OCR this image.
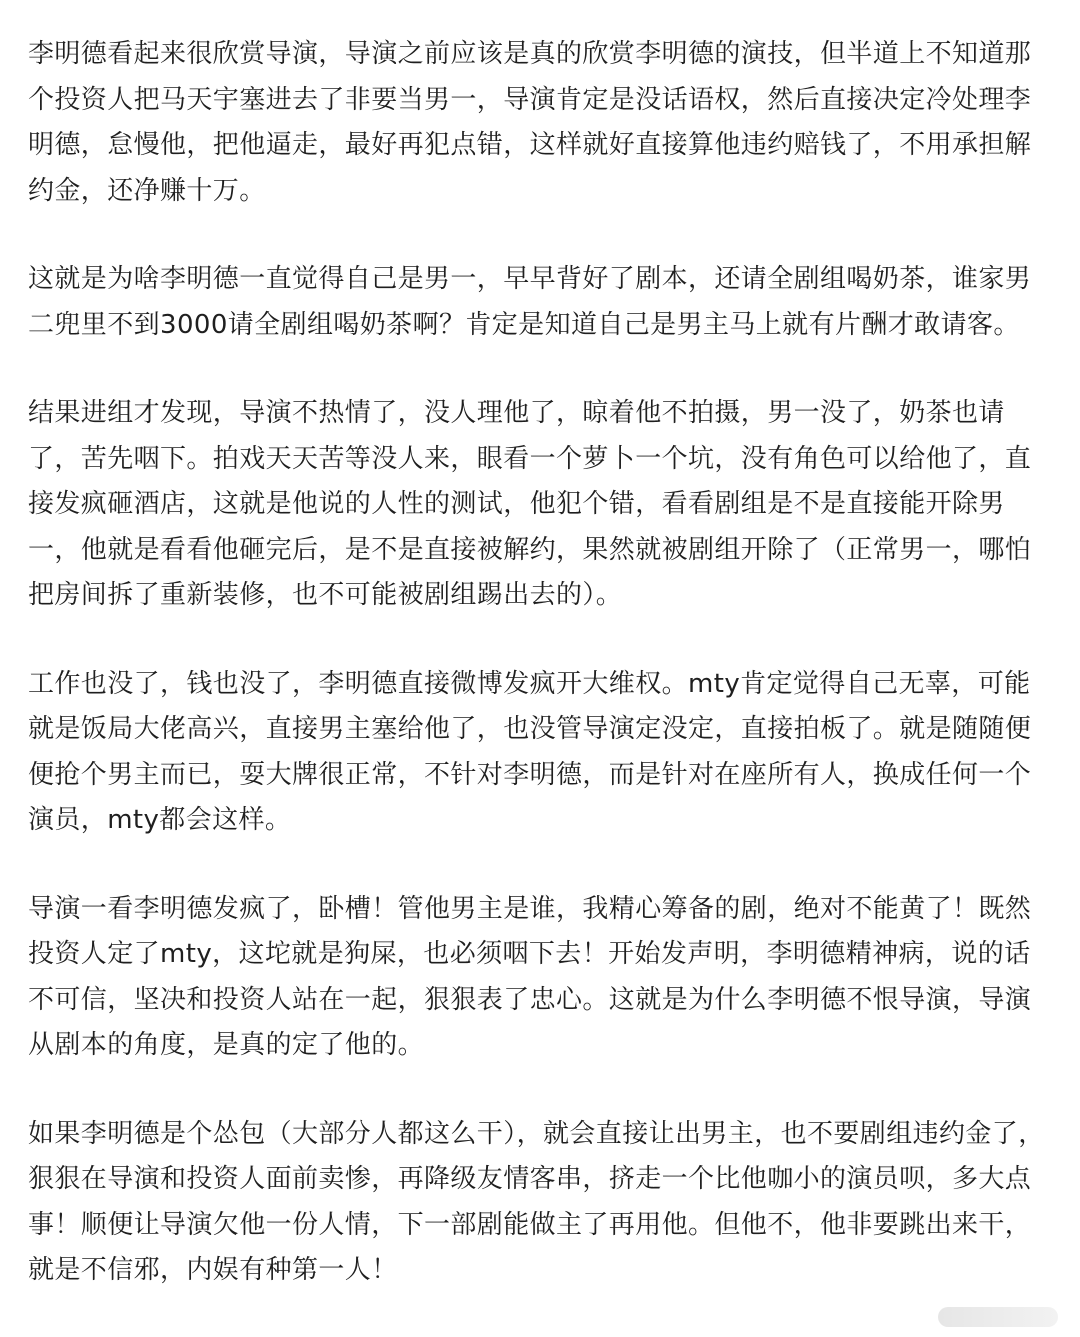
李明德看起来很欣赏导演，导演之前应该是真的欣赏李明德的演技，但半道上不知道那个投资人把马天宇塞进去了非要当男一，导演肯定是没话语权，然后直接决定冷处理李明德，怠慢他，把他逼走，最好再犯点错，这样就好直接算他违约赔钱了，不用承担解约金，还净赚十万。

这就是为啥李明德一直觉得自己是男一，早早背好了剧本，还请全剧组喝奶茶，谁家男二兜里不到3000请全剧组喝奶茶啊？肯定是知道自己是男主马上就有片酬才敢请客。

结果进组才发现，导演不热情了，没人理他了，晾着他不拍摄，男一没了，奶茶也请了，苦先咽下。拍戏天天苦等没人来，眼看一个萝卜一个坑，没有角色可以给他了，直接发疯砸酒店，这就是他说的人性的测试，他犯个错，看看剧组是不是直接能开除男一，他就是看看他砸完后，是不是直接被解约，果然就被剧组开除了（正常男一，哪怕把房间拆了重新装修，也不可能被剧组踢出去的）。

工作也没了，钱也没了，李明德直接微博发疯开大维权。mty肯定觉得自己无辜，可能就是饭局大佬高兴，直接男主塞给他了，也没管导演定没定，直接拍板了。就是随随便便抢个男主而已，耍大牌很正常，不针对李明德，而是针对在座所有人，换成任何一个演员，mty都会这样。

导演一看李明德发疯了，卧槽！管他男主是谁，我精心筹备的剧，绝对不能黄了！既然投资人定了mty，这坨就是狗屎，也必须咽下去！开始发声明，李明德精神病，说的话不可信，坚决和投资人站在一起，狠狠表了忠心。这就是为什么李明德不恨导演，导演从剧本的角度，是真的定了他的。

如果李明德是个怂包（大部分人都这么干），就会直接让出男主，也不要剧组违约金了，狠狠在导演和投资人面前卖惨，再降级友情客串，挤走一个比他咖小的演员呗，多大点事！顺便让导演欠他一份人情，下一部剧能做主了再用他。但他不，他非要跳出来干，就是不信邪，内娱有种第一人！
